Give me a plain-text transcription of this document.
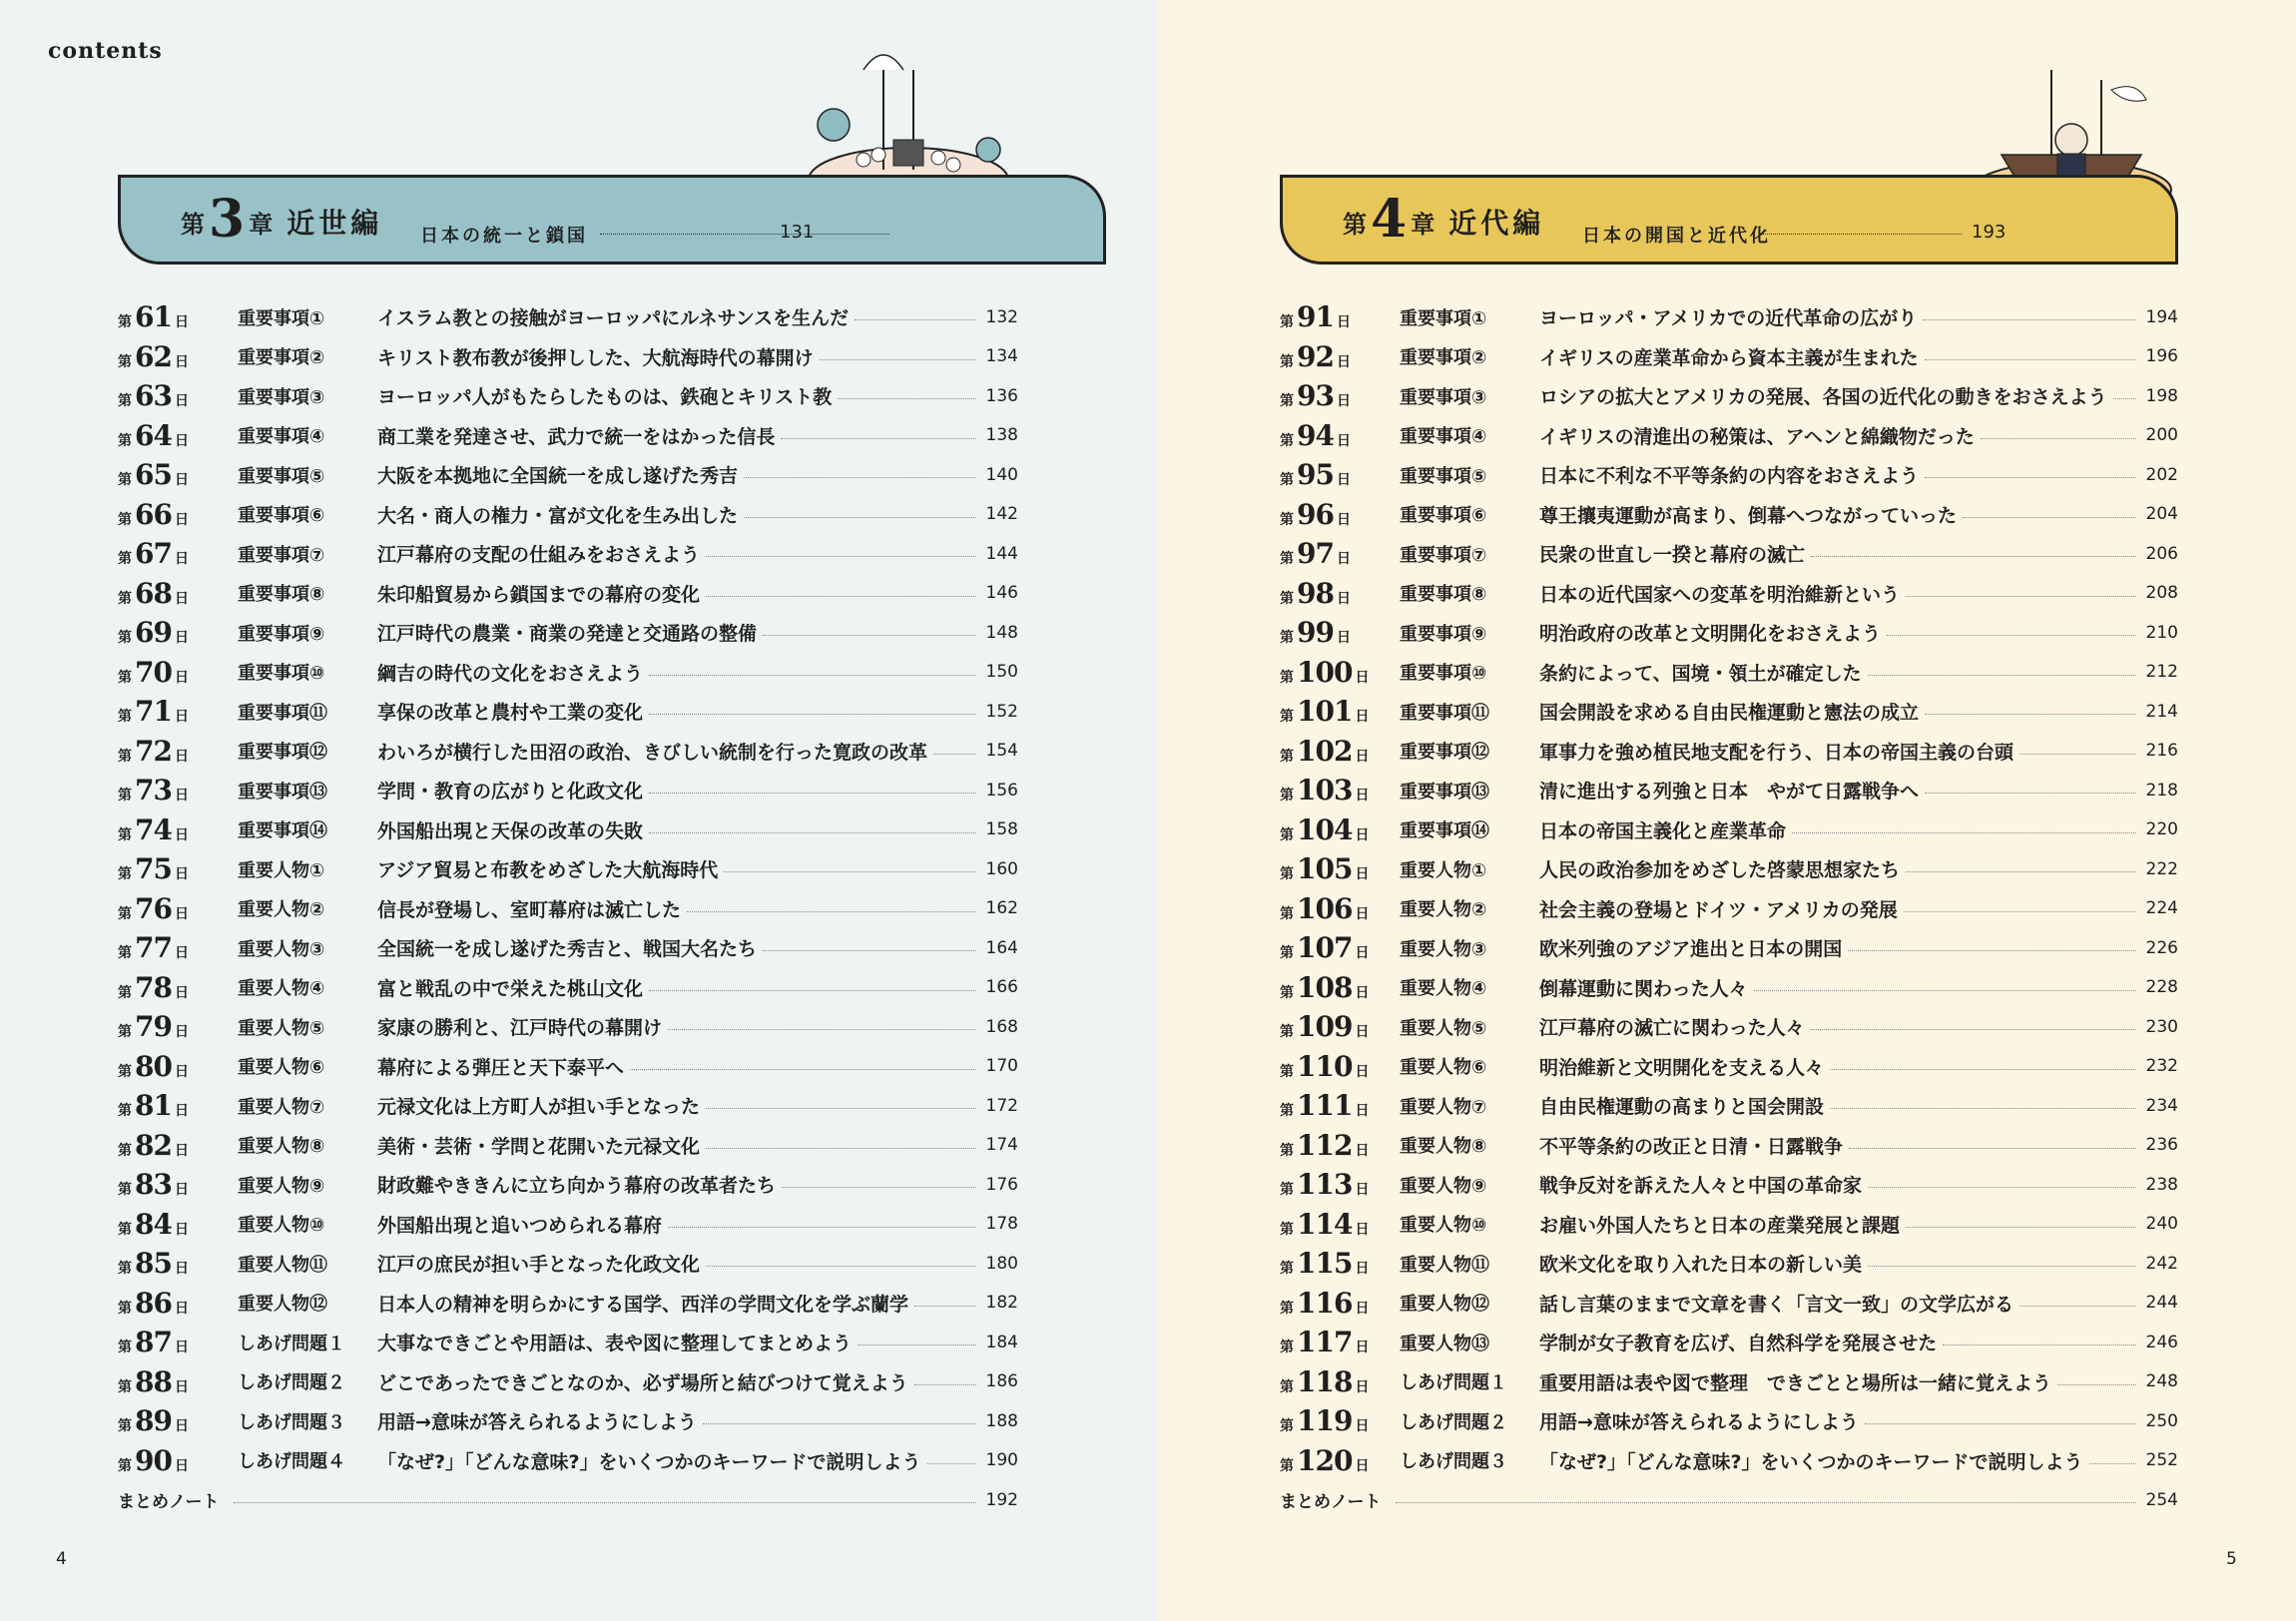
contents
第 3 章 近世編 日本の統一と鎖国	131
第 61 日	重要事項①	イスラム教との接触がヨーロッパにルネサンスを生んだ	132
第 62 日	重要事項②	キリスト教布教が後押しした、大航海時代の幕開け	134
第 63 日	重要事項③	ヨーロッパ人がもたらしたものは、鉄砲とキリスト教	136
第 64 日	重要事項④	商工業を発達させ、武力で統一をはかった信長	138
第 65 日	重要事項⑤	大阪を本拠地に全国統一を成し遂げた秀吉	140
第 66 日	重要事項⑥	大名・商人の権力・富が文化を生み出した	142
第 67 日	重要事項⑦	江戸幕府の支配の仕組みをおさえよう	144
第 68 日	重要事項⑧	朱印船貿易から鎖国までの幕府の変化	146
第 69 日	重要事項⑨	江戸時代の農業・商業の発達と交通路の整備	148
第 70 日	重要事項⑩	綱吉の時代の文化をおさえよう	150
第 71 日	重要事項⑪	享保の改革と農村や工業の変化	152
第 72 日	重要事項⑫	わいろが横行した田沼の政治、きびしい統制を行った寛政の改革	154
第 73 日	重要事項⑬	学問・教育の広がりと化政文化	156
第 74 日	重要事項⑭	外国船出現と天保の改革の失敗	158
第 75 日	重要人物①	アジア貿易と布教をめざした大航海時代	160
第 76 日	重要人物②	信長が登場し、室町幕府は滅亡した	162
第 77 日	重要人物③	全国統一を成し遂げた秀吉と、戦国大名たち	164
第 78 日	重要人物④	富と戦乱の中で栄えた桃山文化	166
第 79 日	重要人物⑤	家康の勝利と、江戸時代の幕開け	168
第 80 日	重要人物⑥	幕府による弾圧と天下泰平へ	170
第 81 日	重要人物⑦	元禄文化は上方町人が担い手となった	172
第 82 日	重要人物⑧	美術・芸術・学問と花開いた元禄文化	174
第 83 日	重要人物⑨	財政難やききんに立ち向かう幕府の改革者たち	176
第 84 日	重要人物⑩	外国船出現と追いつめられる幕府	178
第 85 日	重要人物⑪	江戸の庶民が担い手となった化政文化	180
第 86 日	重要人物⑫	日本人の精神を明らかにする国学、西洋の学問文化を学ぶ蘭学	182
第 87 日	しあげ問題１	大事なできごとや用語は、表や図に整理してまとめよう	184
第 88 日	しあげ問題２	どこであったできごとなのか、必ず場所と結びつけて覚えよう	186
第 89 日	しあげ問題３	用語→意味が答えられるようにしよう	188
第 90 日	しあげ問題４	「なぜ?」「どんな意味?」をいくつかのキーワードで説明しよう	190
まとめノート	192
4
第 4 章 近代編 日本の開国と近代化	193
第 91 日	重要事項①	ヨーロッパ・アメリカでの近代革命の広がり	194
第 92 日	重要事項②	イギリスの産業革命から資本主義が生まれた	196
第 93 日	重要事項③	ロシアの拡大とアメリカの発展、各国の近代化の動きをおさえよう 198
第 94 日	重要事項④	イギリスの清進出の秘策は、アヘンと綿織物だった	200
第 95 日	重要事項⑤	日本に不利な不平等条約の内容をおさえよう	202
第 96 日	重要事項⑥	尊王攘夷運動が高まり、倒幕へつながっていった	204
第 97 日	重要事項⑦	民衆の世直し一揆と幕府の滅亡	206
第 98 日	重要事項⑧	日本の近代国家への変革を明治維新という	208
第 99 日	重要事項⑨	明治政府の改革と文明開化をおさえよう	210
第 100 日 重要事項⑩	条約によって、国境・領土が確定した	212
第 101 日 重要事項⑪	国会開設を求める自由民権運動と憲法の成立	214
第 102 日 重要事項⑫	軍事力を強め植民地支配を行う、日本の帝国主義の台頭	216
第 103 日 重要事項⑬	清に進出する列強と日本　やがて日露戦争へ	218
第 104 日 重要事項⑭	日本の帝国主義化と産業革命	220
第 105 日 重要人物①	人民の政治参加をめざした啓蒙思想家たち	222
第 106 日 重要人物②	社会主義の登場とドイツ・アメリカの発展	224
第 107 日 重要人物③	欧米列強のアジア進出と日本の開国	226
第 108 日 重要人物④	倒幕運動に関わった人々	228
第 109 日 重要人物⑤	江戸幕府の滅亡に関わった人々	230
第 110 日 重要人物⑥	明治維新と文明開化を支える人々	232
第 111 日 重要人物⑦	自由民権運動の高まりと国会開設	234
第 112 日 重要人物⑧	不平等条約の改正と日清・日露戦争	236
第 113 日 重要人物⑨	戦争反対を訴えた人々と中国の革命家	238
第 114 日 重要人物⑩	お雇い外国人たちと日本の産業発展と課題	240
第 115 日 重要人物⑪	欧米文化を取り入れた日本の新しい美	242
第 116 日 重要人物⑫	話し言葉のままで文章を書く「言文一致」の文学広がる	244
第 117 日 重要人物⑬	学制が女子教育を広げ、自然科学を発展させた	246
第 118 日 しあげ問題１	重要用語は表や図で整理　できごとと場所は一緒に覚えよう	248
第 119 日 しあげ問題２	用語→意味が答えられるようにしよう	250
第 120 日 しあげ問題３	「なぜ?」「どんな意味?」をいくつかのキーワードで説明しよう	252
まとめノート	254
5
